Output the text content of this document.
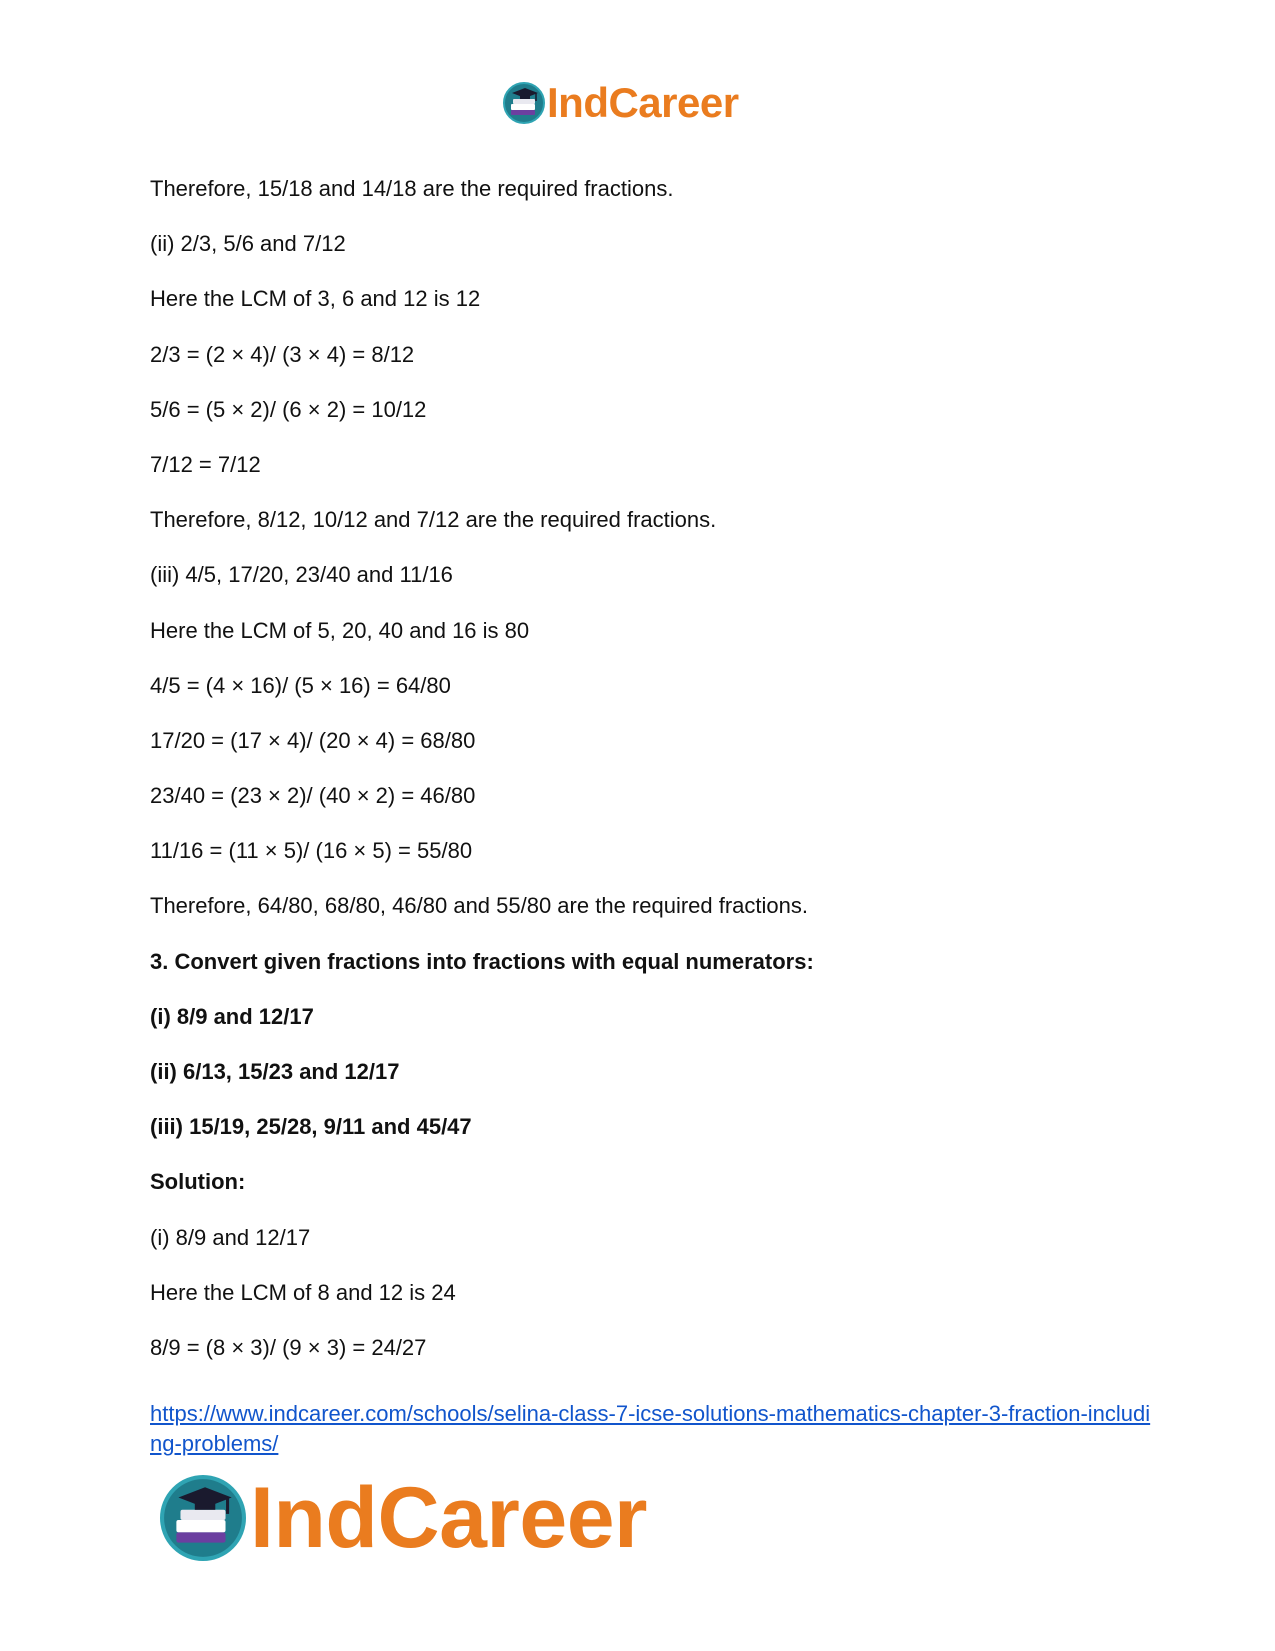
IndCareer
Therefore, 15/18 and 14/18 are the required fractions.
(ii) 2/3, 5/6 and 7/12
Here the LCM of 3, 6 and 12 is 12
2/3 = (2 × 4)/ (3 × 4) = 8/12
5/6 = (5 × 2)/ (6 × 2) = 10/12
7/12 = 7/12
Therefore, 8/12, 10/12 and 7/12 are the required fractions.
(iii) 4/5, 17/20, 23/40 and 11/16
Here the LCM of 5, 20, 40 and 16 is 80
4/5 = (4 × 16)/ (5 × 16) = 64/80
17/20 = (17 × 4)/ (20 × 4) = 68/80
23/40 = (23 × 2)/ (40 × 2) = 46/80
11/16 = (11 × 5)/ (16 × 5) = 55/80
Therefore, 64/80, 68/80, 46/80 and 55/80 are the required fractions.
3. Convert given fractions into fractions with equal numerators:
(i) 8/9 and 12/17
(ii) 6/13, 15/23 and 12/17
(iii) 15/19, 25/28, 9/11 and 45/47
Solution:
(i) 8/9 and 12/17
Here the LCM of 8 and 12 is 24
8/9 = (8 × 3)/ (9 × 3) = 24/27
https://www.indcareer.com/schools/selina-class-7-icse-solutions-mathematics-chapter-3-fraction-including-problems/
IndCareer
